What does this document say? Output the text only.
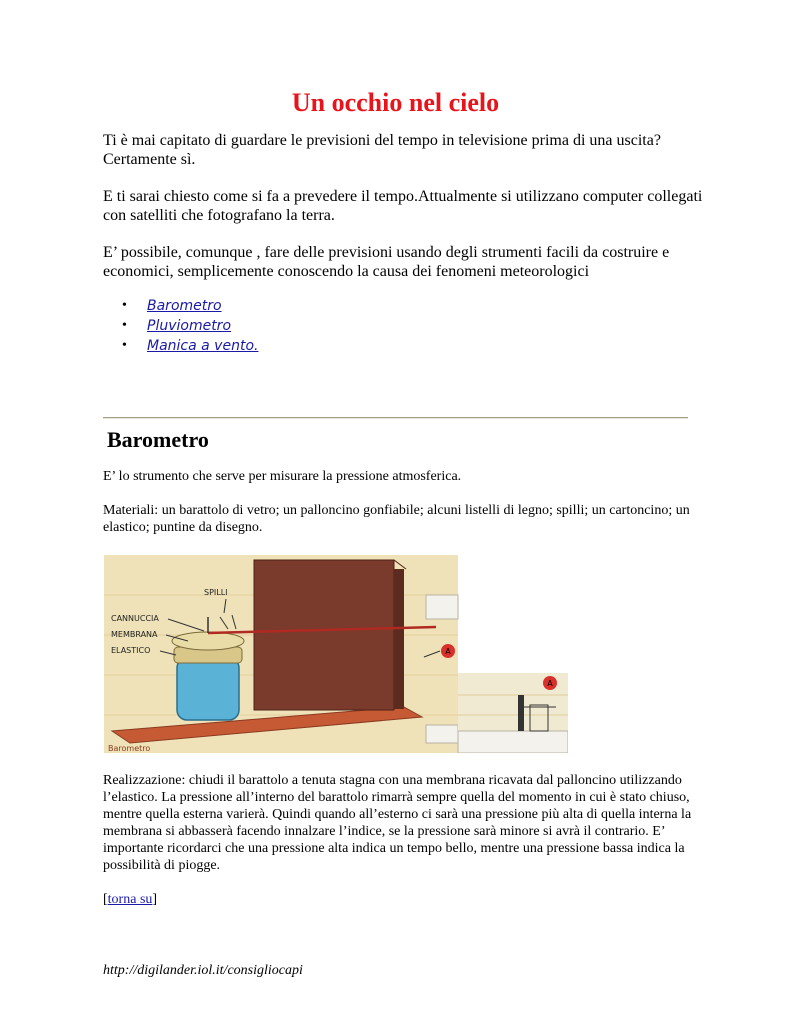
Un occhio nel cielo
Ti è mai capitato di guardare le previsioni del tempo in televisione prima di una uscita? Certamente sì.
E ti sarai chiesto come si fa a prevedere il tempo.Attualmente si utilizzano computer collegati con satelliti che fotografano la terra.
E’ possibile, comunque , fare delle previsioni usando degli strumenti facili da costruire e economici, semplicemente conoscendo la causa dei fenomeni meteorologici
• Barometro
• Pluviometro
• Manica a vento.
Barometro
E’ lo strumento che serve per misurare la pressione atmosferica.
Materiali: un barattolo di vetro; un palloncino gonfiabile; alcuni listelli di legno; spilli; un cartoncino; un elastico; puntine da disegno.
A
SPILLI
CANNUCCIA
MEMBRANA
ELASTICO
Barometro
A
Realizzazione: chiudi il barattolo a tenuta stagna con una membrana ricavata dal palloncino utilizzando l’elastico. La pressione all’interno del barattolo rimarrà sempre quella del momento in cui è stato chiuso, mentre quella esterna varierà. Quindi quando all’esterno ci sarà una pressione più alta di quella interna la membrana si abbasserà facendo innalzare l’indice, se la pressione sarà minore si avrà il contrario. E’ importante ricordarci che una pressione alta indica un tempo bello, mentre una pressione bassa indica la possibilità di piogge.
[torna su]
http://digilander.iol.it/consigliocapi
